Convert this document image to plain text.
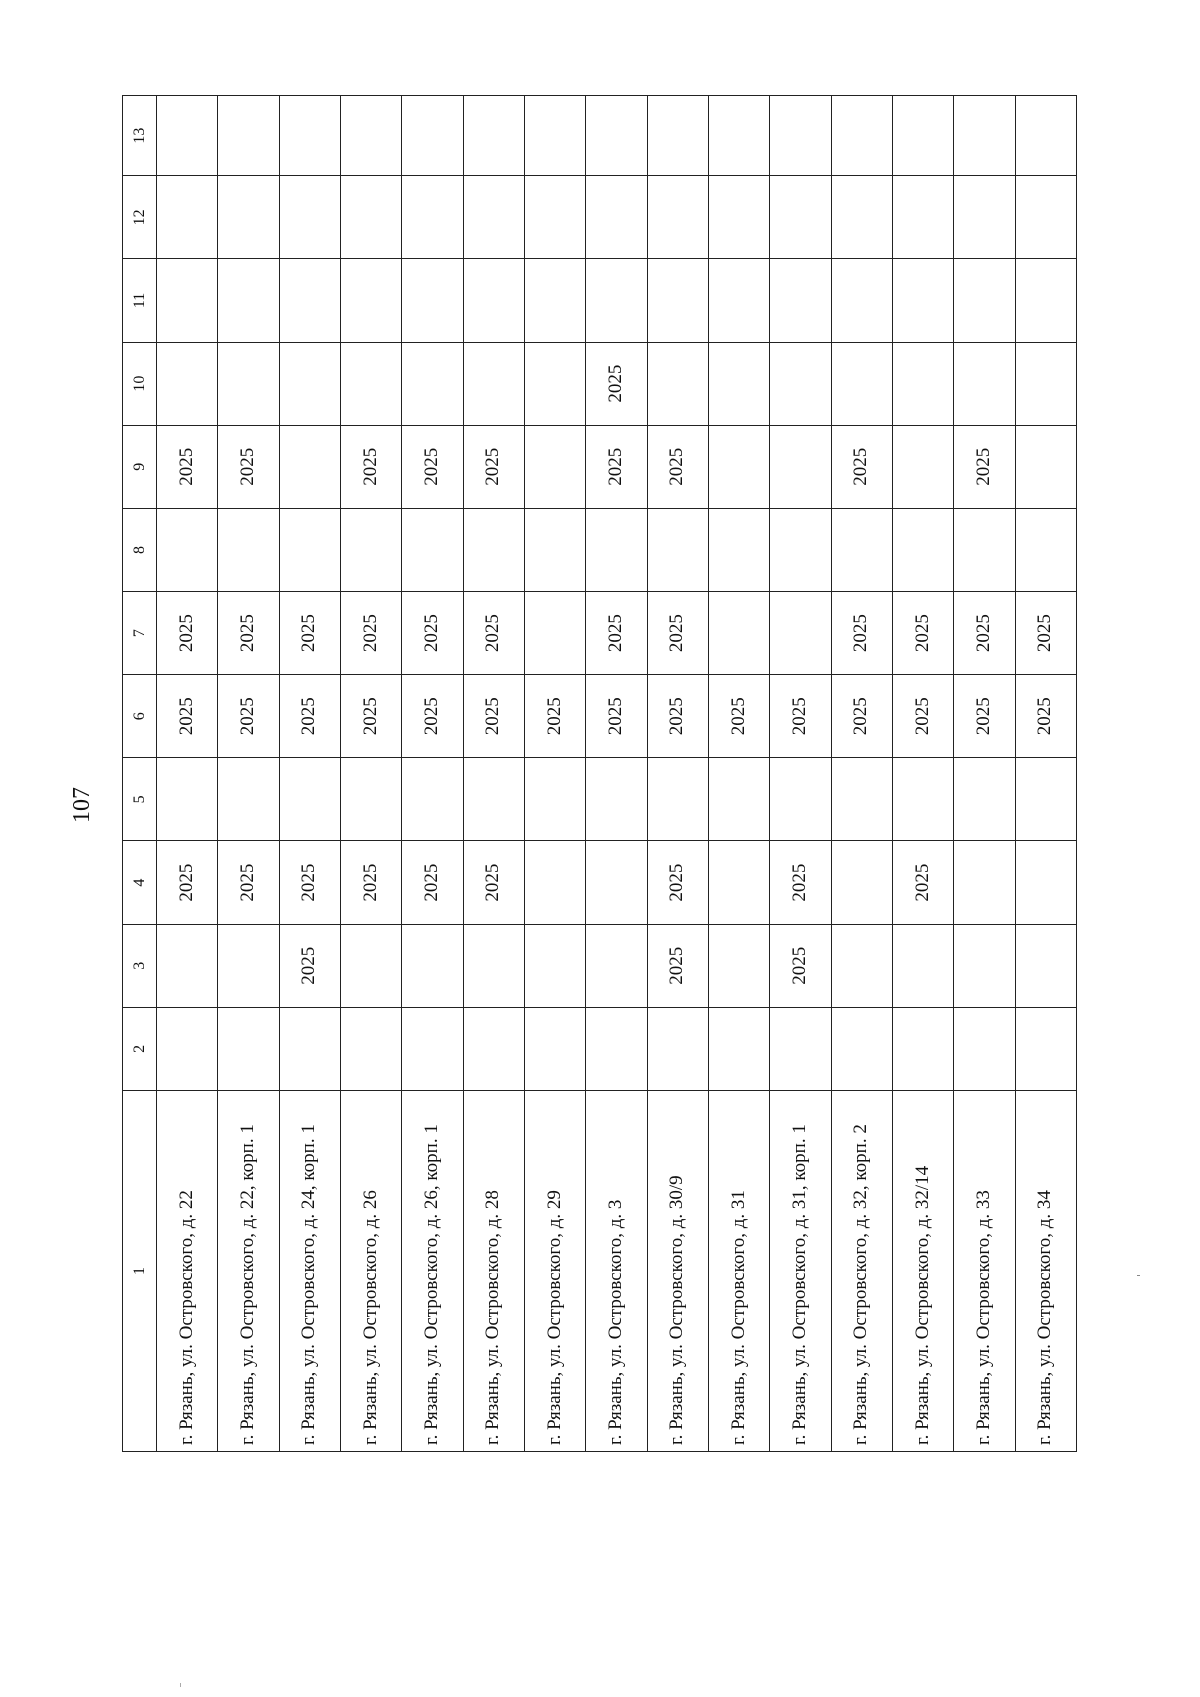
107
1	2	3	4	5	6	7	8	9	10	11	12	13
г. Рязань, ул. Островского, д. 22			2025		2025	2025		2025				
г. Рязань, ул. Островского, д. 22, корп. 1			2025		2025	2025		2025				
г. Рязань, ул. Островского, д. 24, корп. 1		2025	2025		2025	2025						
г. Рязань, ул. Островского, д. 26			2025		2025	2025		2025				
г. Рязань, ул. Островского, д. 26, корп. 1			2025		2025	2025		2025				
г. Рязань, ул. Островского, д. 28			2025		2025	2025		2025				
г. Рязань, ул. Островского, д. 29					2025							
г. Рязань, ул. Островского, д. 3					2025	2025		2025	2025			
г. Рязань, ул. Островского, д. 30/9		2025	2025		2025	2025		2025				
г. Рязань, ул. Островского, д. 31					2025							
г. Рязань, ул. Островского, д. 31, корп. 1		2025	2025		2025							
г. Рязань, ул. Островского, д. 32, корп. 2					2025	2025		2025				
г. Рязань, ул. Островского, д. 32/14			2025		2025	2025						
г. Рязань, ул. Островского, д. 33					2025	2025		2025				
г. Рязань, ул. Островского, д. 34					2025	2025						
